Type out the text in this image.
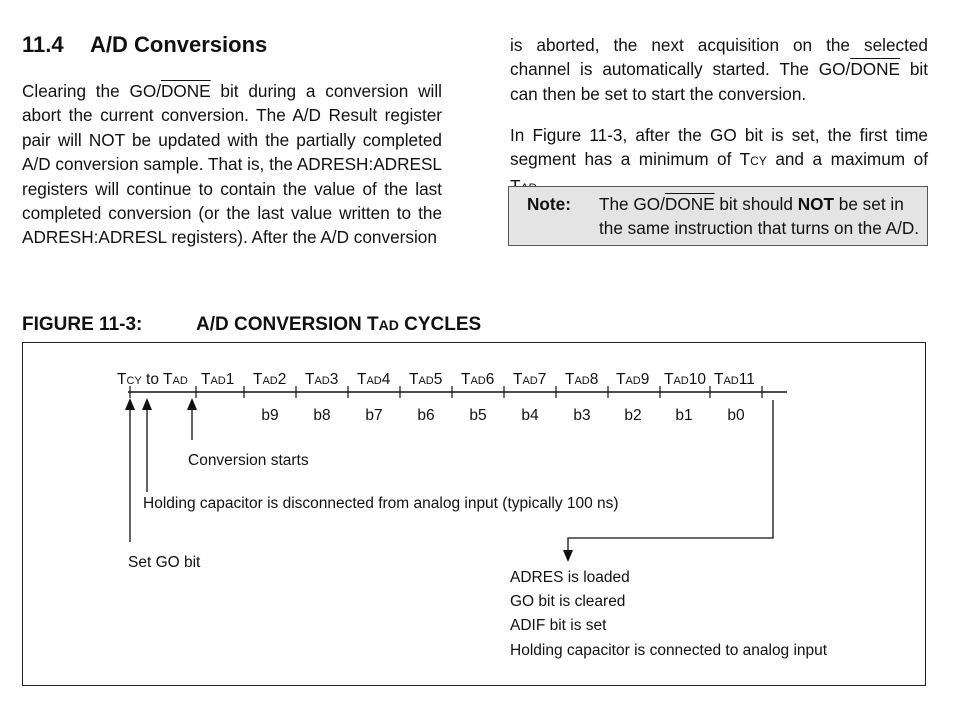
11.4 A/D Conversions

Clearing the GO/DONE bit during a conversion will abort the current conversion. The A/D Result register pair will NOT be updated with the partially completed A/D conversion sample. That is, the ADRESH:ADRESL registers will continue to contain the value of the last completed conversion (or the last value written to the ADRESH:ADRESL registers). After the A/D conversion

is aborted, the next acquisition on the selected channel is automatically started. The GO/DONE bit can then be set to start the conversion.

In Figure 11-3, after the GO bit is set, the first time segment has a minimum of TCY and a maximum of

Note: The GO/DONE bit should NOT be set in the same instruction that turns on the A/D.
FIGURE 11-3:	A/D CONVERSION TAD CYCLES
TCY to TAD TAD1 TAD2 TAD3 TAD4 TAD5 TAD6 TAD7 TAD8 TAD9 TAD10 TAD11
b9	b8	b7	b6	b5	b4	b3	b2	b1	b0
Conversion starts
Holding capacitor is disconnected from analog input (typically 100 ns)
Set GO bit
ADRES is loaded
GO bit is cleared
ADIF bit is set
Holding capacitor is connected to analog input
